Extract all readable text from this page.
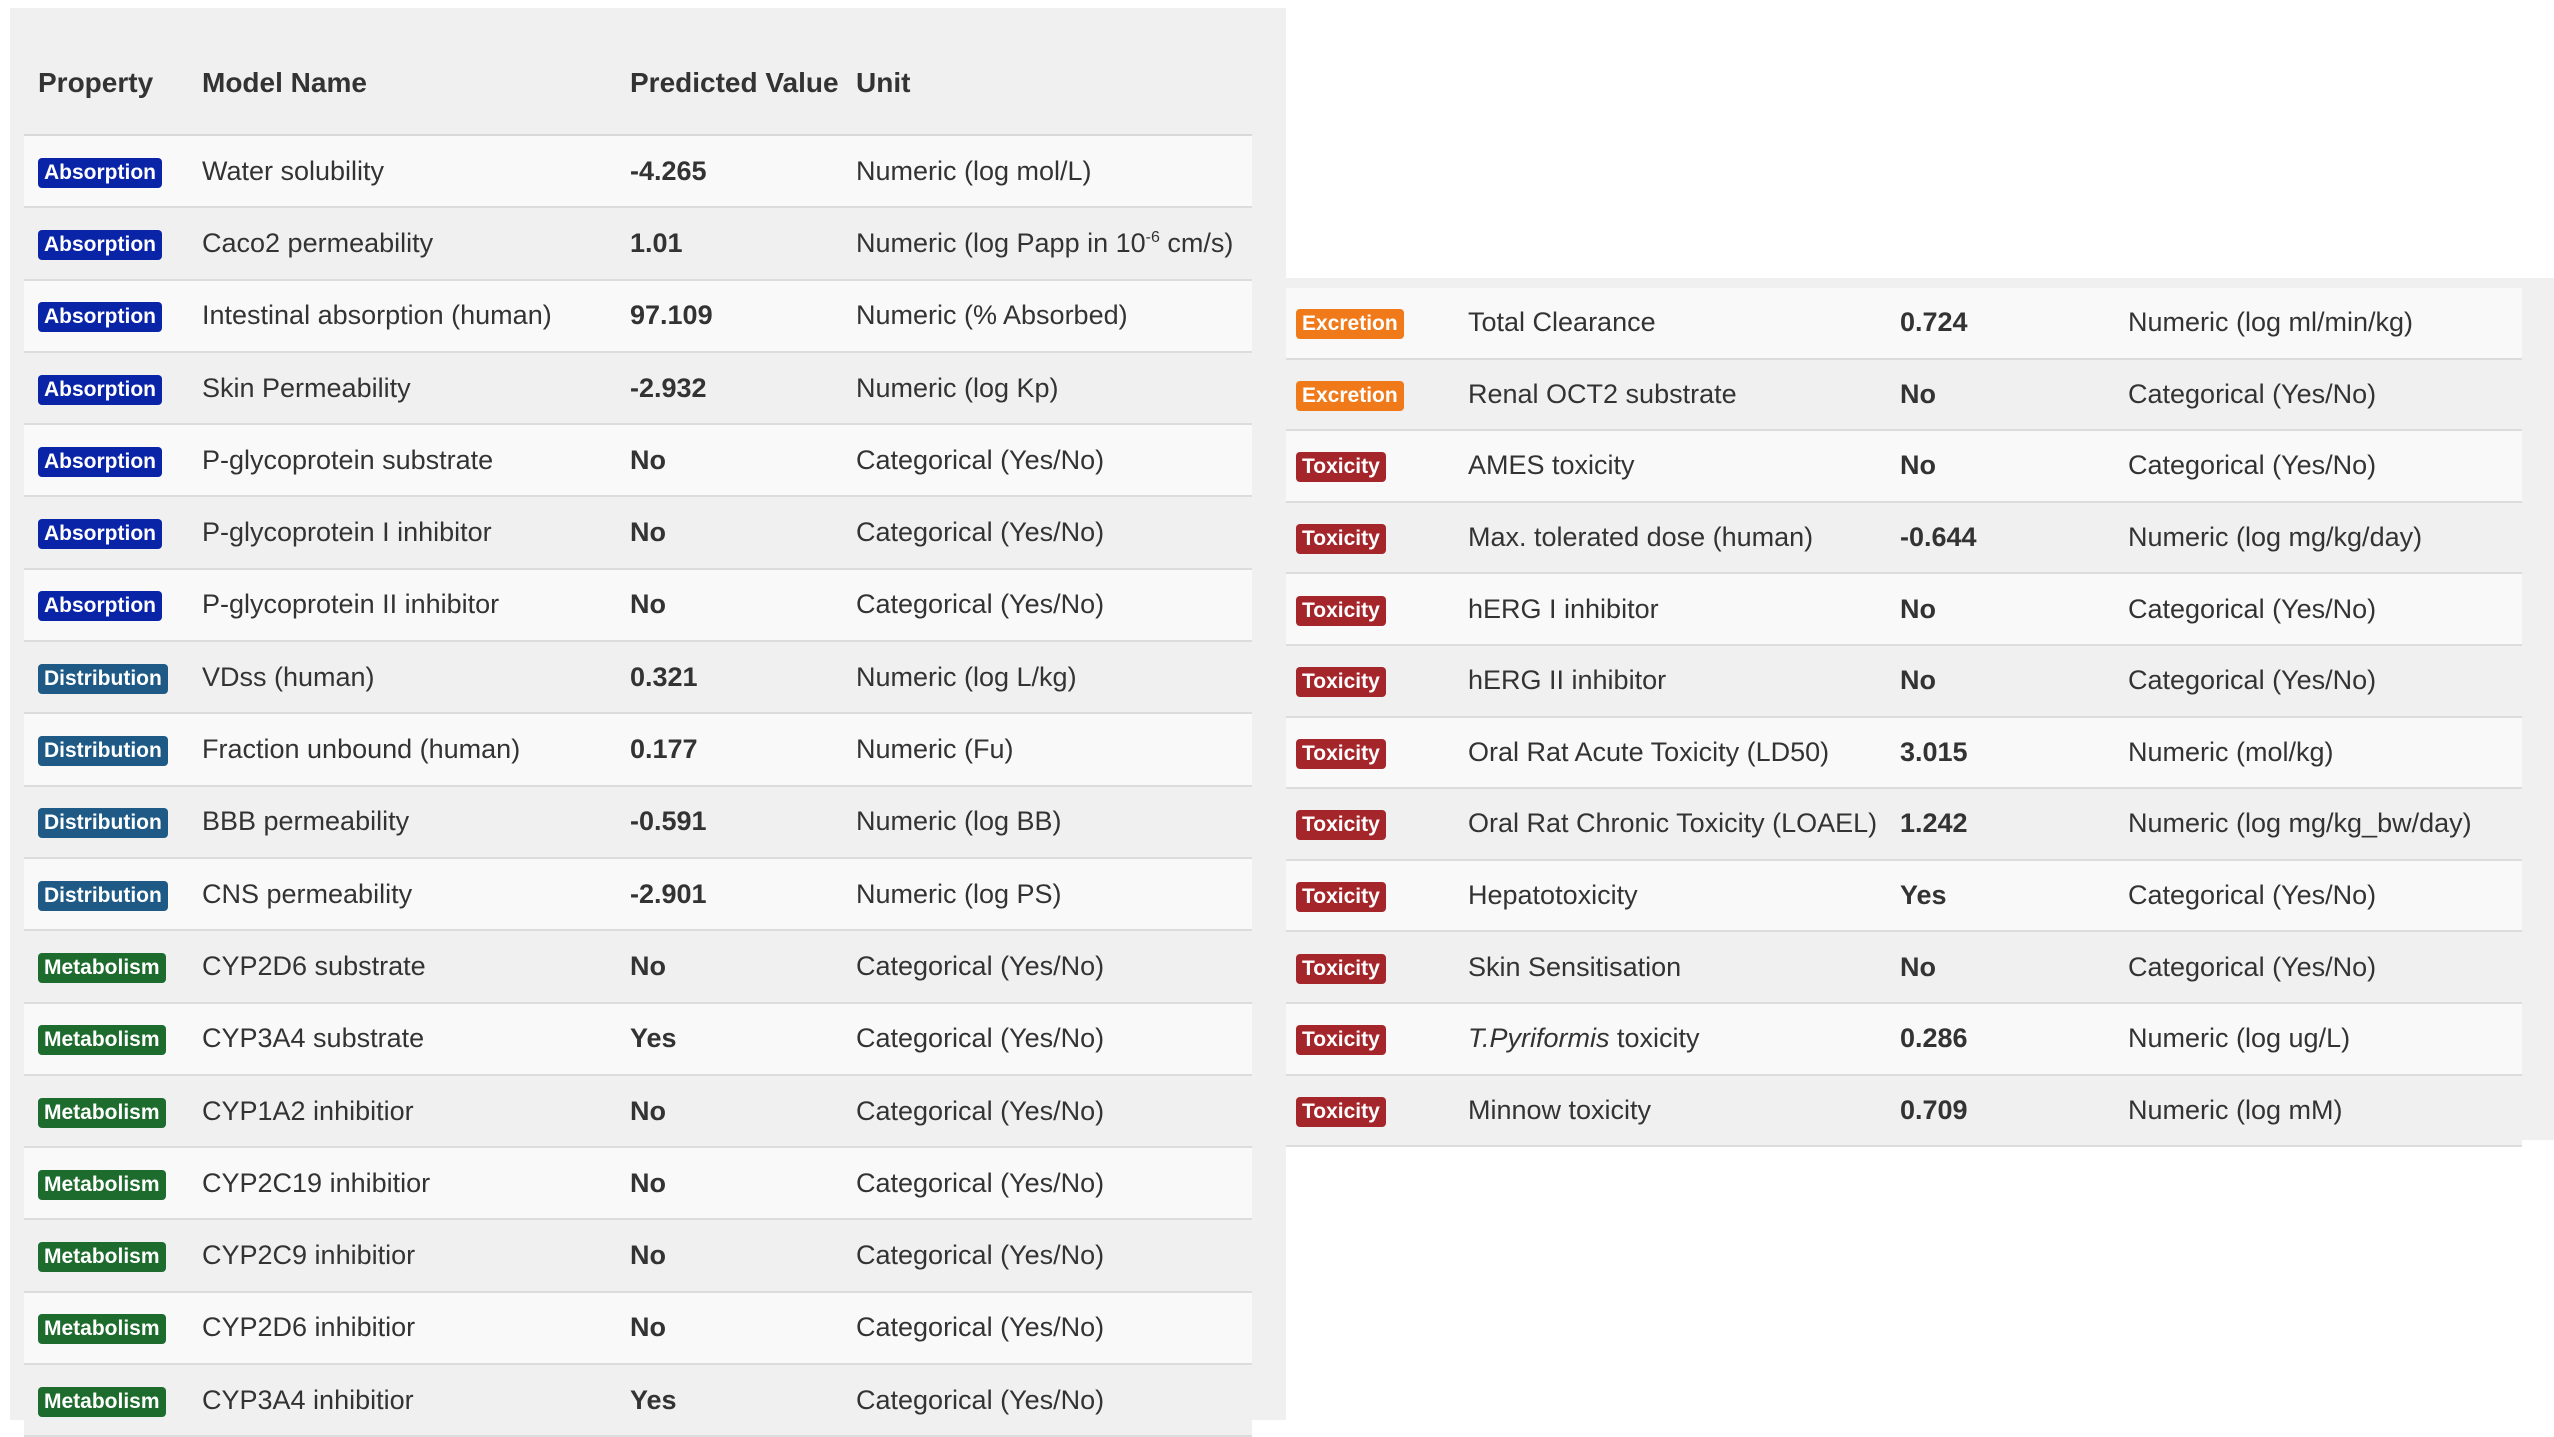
Property	Model Name	Predicted Value Unit
Absorption	Water solubility	-4.265	Numeric (log mol/L)
Absorption	Caco2 permeability	1.01	Numeric (log Papp in $10^{-6}$ cm/s)
Absorption	Intestinal absorption (human)	97.109	Numeric (% Absorbed)
Absorption	Skin Permeability	-2.932	Numeric (log Kp)
Absorption	P-glycoprotein substrate	No	Categorical (Yes/No)
Absorption	P-glycoprotein I inhibitor	No	Categorical (Yes/No)
Absorption	P-glycoprotein II inhibitor	No	Categorical (Yes/No)
Distribution	VDss (human)	0.321	Numeric (log L/kg)
Distribution	Fraction unbound (human)	0.177	Numeric (Fu)
Distribution	BBB permeability	-0.591	Numeric (log BB)
Distribution	CNS permeability	-2.901	Numeric (log PS)
Metabolism	CYP2D6 substrate	No	Categorical (Yes/No)
Metabolism	CYP3A4 substrate	Yes	Categorical (Yes/No)
Metabolism	CYP1A2 inhibitior	No	Categorical (Yes/No)
Metabolism	CYP2C19 inhibitior	No	Categorical (Yes/No)
Metabolism	CYP2C9 inhibitior	No	Categorical (Yes/No)
Metabolism	CYP2D6 inhibitior	No	Categorical (Yes/No)
Metabolism	CYP3A4 inhibitior	Yes	Categorical (Yes/No)
Excretion	Total Clearance	0.724	Numeric (log ml/min/kg)
Excretion	Renal OCT2 substrate	No	Categorical (Yes/No)
Toxicity	AMES toxicity	No	Categorical (Yes/No)
Toxicity	Max. tolerated dose (human)	-0.644	Numeric (log mg/kg/day)
Toxicity	hERG I inhibitor	No	Categorical (Yes/No)
Toxicity	hERG II inhibitor	No	Categorical (Yes/No)
Toxicity	Oral Rat Acute Toxicity (LD50)	3.015	Numeric (mol/kg)
Toxicity	Oral Rat Chronic Toxicity (LOAEL) 1.242	Numeric (log mg/kg_bw/day)
Toxicity	Hepatotoxicity	Yes	Categorical (Yes/No)
Toxicity	Skin Sensitisation	No	Categorical (Yes/No)
Toxicity	T.Pyriformis toxicity	0.286	Numeric (log ug/L)
Toxicity	Minnow toxicity	0.709	Numeric (log mM)
